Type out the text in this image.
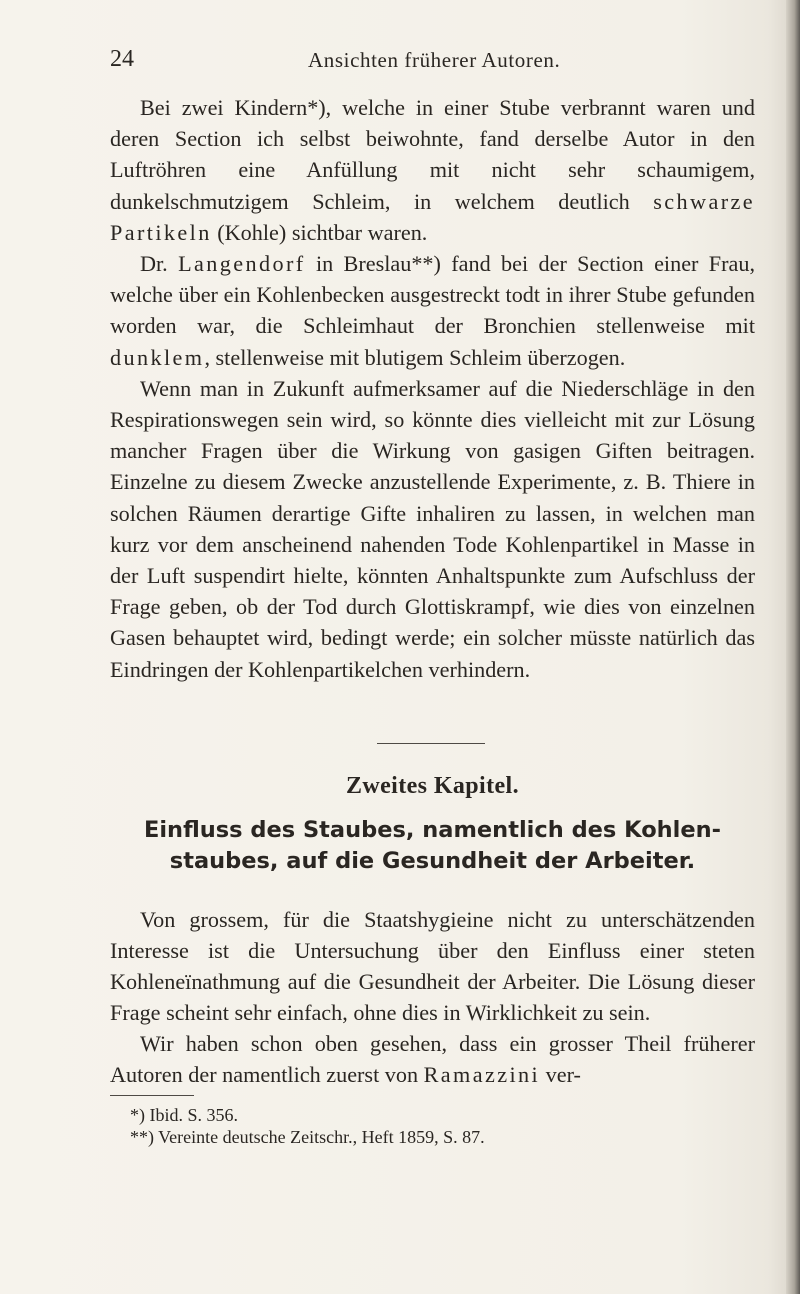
24	Ansichten früherer Autoren.

Bei zwei Kindern*), welche in einer Stube verbrannt waren und deren Section ich selbst beiwohnte, fand derselbe Autor in den Luftröhren eine Anfüllung mit nicht sehr schaumigem, dunkelschmutzigem Schleim, in welchem deutlich schwarze Partikeln (Kohle) sichtbar waren.

Dr. Langendorf in Breslau**) fand bei der Section einer Frau, welche über ein Kohlenbecken ausgestreckt todt in ihrer Stube gefunden worden war, die Schleimhaut der Bronchien stellenweise mit dunklem, stellenweise mit blutigem Schleim überzogen.

Wenn man in Zukunft aufmerksamer auf die Niederschläge in den Respirationswegen sein wird, so könnte dies vielleicht mit zur Lösung mancher Fragen über die Wirkung von gasigen Giften beitragen. Einzelne zu diesem Zwecke anzustellende Experimente, z. B. Thiere in solchen Räumen derartige Gifte inhaliren zu lassen, in welchen man kurz vor dem anscheinend nahenden Tode Kohlenpartikel in Masse in der Luft suspendirt hielte, könnten Anhaltspunkte zum Aufschluss der Frage geben, ob der Tod durch Glottiskrampf, wie dies von einzelnen Gasen behauptet wird, bedingt werde; ein solcher müsste natürlich das Eindringen der Kohlenpartikelchen verhindern.

Zweites Kapitel.
Einfluss des Staubes, namentlich des Kohlen-
staubes, auf die Gesundheit der Arbeiter.

Von grossem, für die Staatshygieine nicht zu unterschätzenden Interesse ist die Untersuchung über den Einfluss einer steten Kohleneïnathmung auf die Gesundheit der Arbeiter. Die Lösung dieser Frage scheint sehr einfach, ohne dies in Wirklichkeit zu sein.

Wir haben schon oben gesehen, dass ein grosser Theil früherer Autoren der namentlich zuerst von Ramazzini ver-

*) Ibid. S. 356.
**) Vereinte deutsche Zeitschr., Heft 1859, S. 87.
